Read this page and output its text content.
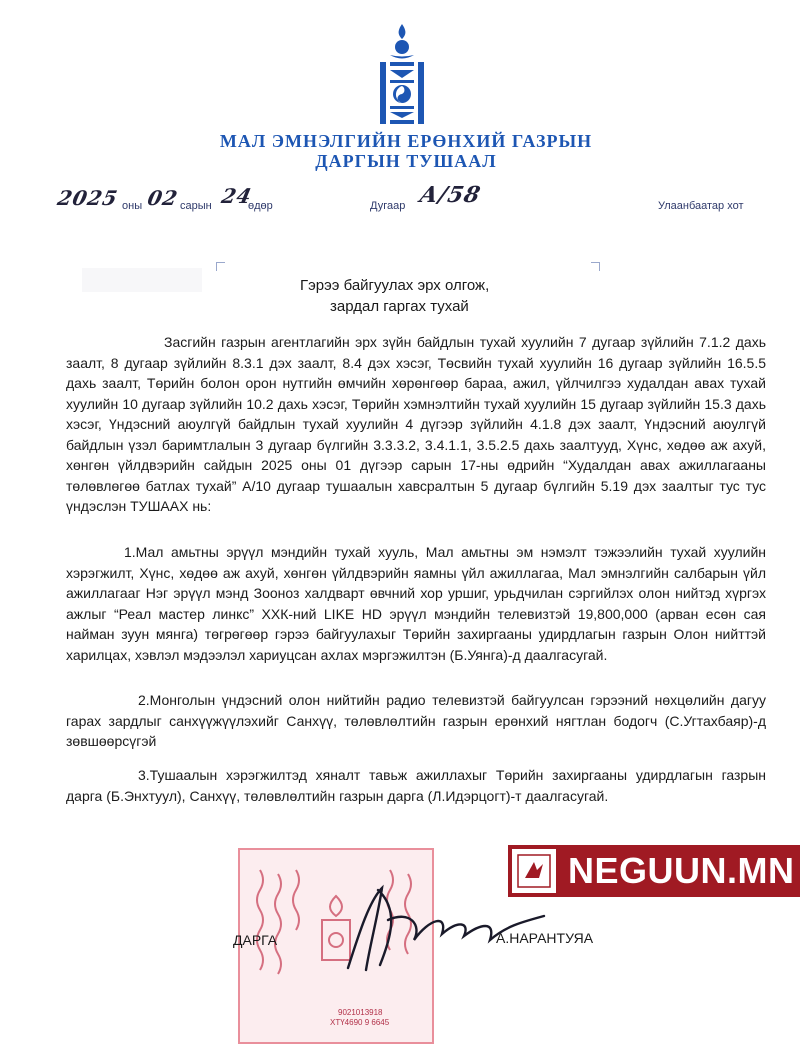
МАЛ ЭМНЭЛГИЙН ЕРӨНХИЙ ГАЗРЫН
ДАРГЫН ТУШААЛ
2025 оны 02 сарын 24
өдөр	Дугаар А/58	Улаанбаатар хот
Гэрээ байгуулах эрх олгож,
зардал гаргах тухай
Засгийн газрын агентлагийн эрх зүйн байдлын тухай хуулийн 7 дугаар зүйлийн 7.1.2 дахь заалт, 8 дугаар зүйлийн 8.3.1 дэх заалт, 8.4 дэх хэсэг, Төсвийн тухай хуулийн 16 дугаар зүйлийн 16.5.5 дахь заалт, Төрийн болон орон нутгийн өмчийн хөрөнгөөр бараа, ажил, үйлчилгээ худалдан авах тухай хуулийн 10 дугаар зүйлийн 10.2 дахь хэсэг, Төрийн хэмнэлтийн тухай хуулийн 15 дугаар зүйлийн 15.3 дахь хэсэг, Үндэсний аюулгүй байдлын тухай хуулийн 4 дүгээр зүйлийн 4.1.8 дэх заалт, Үндэсний аюулгүй байдлын үзэл баримтлалын 3 дугаар бүлгийн 3.3.3.2, 3.4.1.1, 3.5.2.5 дахь заалтууд, Хүнс, хөдөө аж ахуй, хөнгөн үйлдвэрийн сайдын 2025 оны 01 дүгээр сарын 17-ны өдрийн “Худалдан авах ажиллагааны төлөвлөгөө батлах тухай” А/10 дугаар тушаалын хавсралтын 5 дугаар бүлгийн 5.19 дэх заалтыг тус тус үндэслэн ТУШААХ нь:
1.Мал амьтны эрүүл мэндийн тухай хууль, Мал амьтны эм нэмэлт тэжээлийн тухай хуулийн хэрэгжилт, Хүнс, хөдөө аж ахуй, хөнгөн үйлдвэрийн яамны үйл ажиллагаа, Мал эмнэлгийн салбарын үйл ажиллагааг Нэг эрүүл мэнд Зооноз халдварт өвчний хор уршиг, урьдчилан сэргийлэх олон нийтэд хүргэх ажлыг “Реал мастер линкс” ХХК-ний LIKE HD эрүүл мэндийн телевизтэй 19,800,000 (арван есөн сая найман зуун мянга) төгрөгөөр гэрээ байгуулахыг Төрийн захиргааны удирдлагын газрын Олон нийттэй харилцах, хэвлэл мэдээлэл хариуцсан ахлах мэргэжилтэн (Б.Уянга)-д даалгасугай.
2.Монголын үндэсний олон нийтийн радио телевизтэй байгуулсан гэрээний нөхцөлийн дагуу гарах зардлыг санхүүжүүлэхийг Санхүү, төлөвлөлтийн газрын ерөнхий нягтлан бодогч (С.Угтахбаяр)-д зөвшөөрсүгэй
3.Тушаалын хэрэгжилтэд хяналт тавьж ажиллахыг Төрийн захиргааны удирдлагын газрын дарга (Б.Энхтуул), Санхүү, төлөвлөлтийн газрын дарга (Л.Идэрцогт)-т даалгасугай.
9021013918
ХТҮ4690 9 6645
ДАРГА	А.НАРАНТУЯА
NEGUUN.MN
